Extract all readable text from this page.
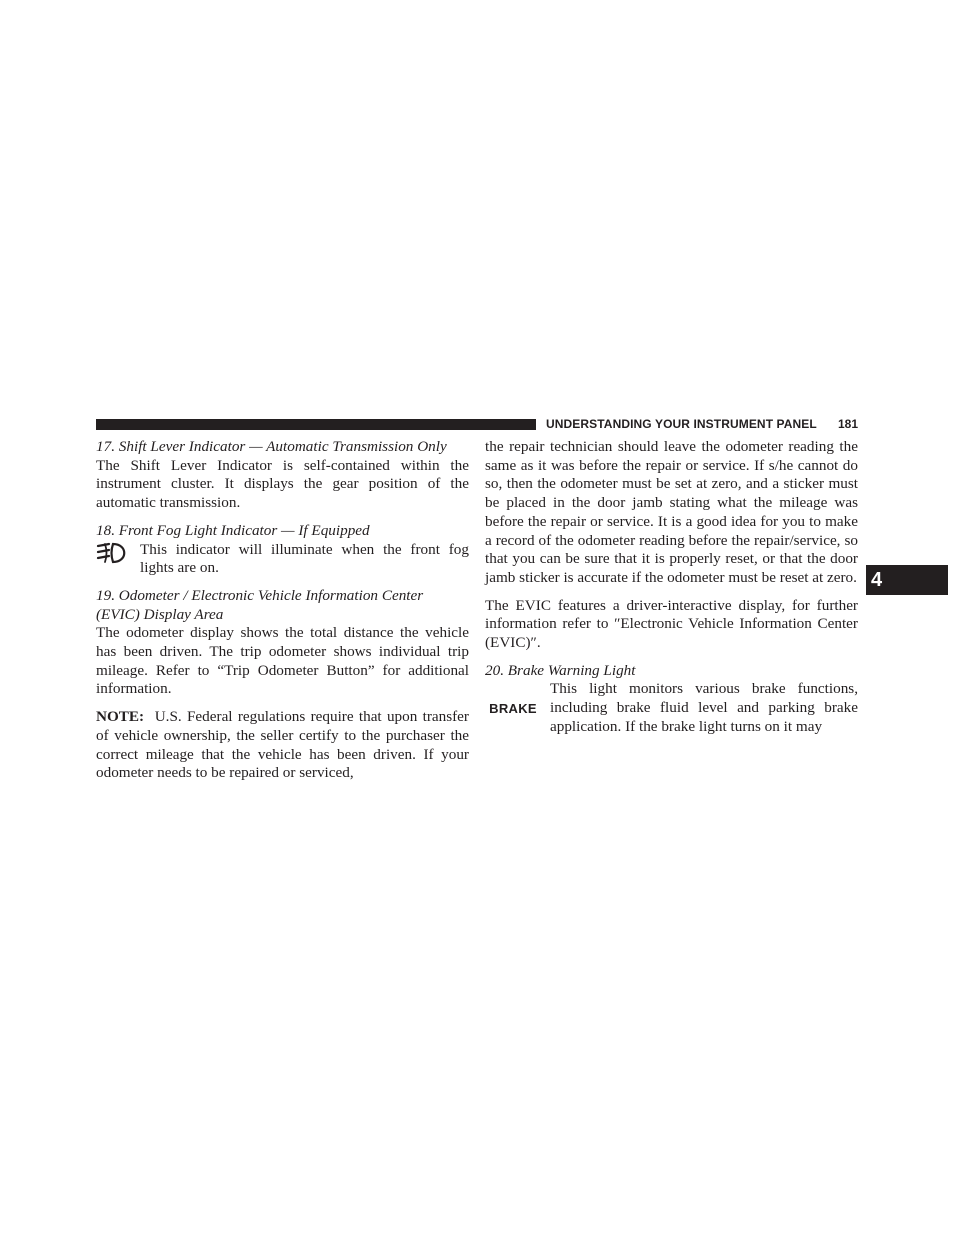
UNDERSTANDING YOUR INSTRUMENT PANEL 181
4

17. Shift Lever Indicator — Automatic Transmission Only

The Shift Lever Indicator is self-contained within the instrument cluster. It displays the gear position of the automatic transmission.

18. Front Fog Light Indicator — If Equipped

This indicator will illuminate when the front fog lights are on.

19. Odometer / Electronic Vehicle Information Center (EVIC) Display Area

The odometer display shows the total distance the vehicle has been driven. The trip odometer shows individual trip mileage. Refer to “Trip Odometer Button” for additional information.

NOTE: U.S. Federal regulations require that upon transfer of vehicle ownership, the seller certify to the purchaser the correct mileage that the vehicle has been driven. If your odometer needs to be repaired or serviced,

the repair technician should leave the odometer reading the same as it was before the repair or service. If s/he cannot do so, then the odometer must be set at zero, and a sticker must be placed in the door jamb stating what the mileage was before the repair or service. It is a good idea for you to make a record of the odometer reading before the repair/service, so that you can be sure that it is properly reset, or that the door jamb sticker is accurate if the odometer must be reset at zero.

The EVIC features a driver-interactive display, for further information refer to ″Electronic Vehicle Information Center (EVIC)″.

20. Brake Warning Light

BRAKE

This light monitors various brake functions, including brake fluid level and parking brake application. If the brake light turns on it may
